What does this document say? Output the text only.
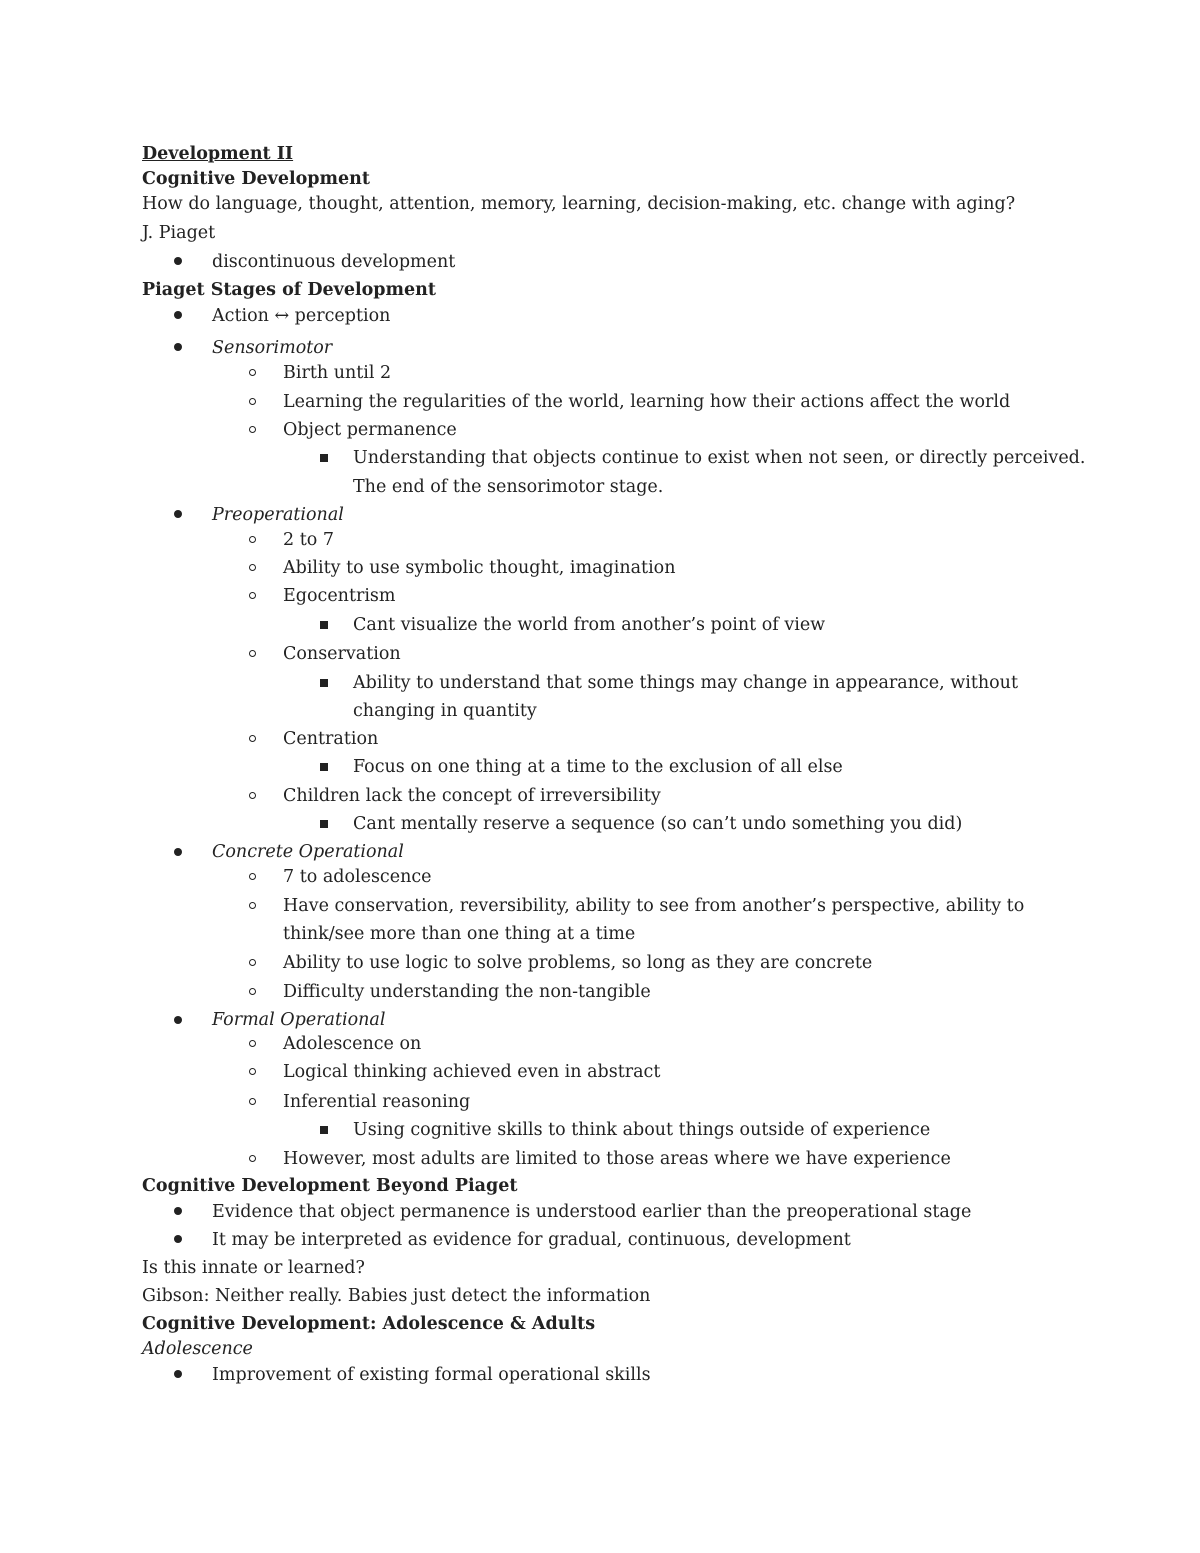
Development II
Cognitive Development
How do language, thought, attention, memory, learning, decision-making, etc. change with aging?
J. Piaget
discontinuous development
Piaget Stages of Development
Action ↔ perception
Sensorimotor
Birth until 2
Learning the regularities of the world, learning how their actions affect the world
Object permanence
Understanding that objects continue to exist when not seen, or directly perceived.
The end of the sensorimotor stage.
Preoperational
2 to 7
Ability to use symbolic thought, imagination
Egocentrism
Cant visualize the world from another’s point of view
Conservation
Ability to understand that some things may change in appearance, without
changing in quantity
Centration
Focus on one thing at a time to the exclusion of all else
Children lack the concept of irreversibility
Cant mentally reserve a sequence (so can’t undo something you did)
Concrete Operational
7 to adolescence
Have conservation, reversibility, ability to see from another’s perspective, ability to
think/see more than one thing at a time
Ability to use logic to solve problems, so long as they are concrete
Difficulty understanding the non-tangible
Formal Operational
Adolescence on
Logical thinking achieved even in abstract
Inferential reasoning
Using cognitive skills to think about things outside of experience
However, most adults are limited to those areas where we have experience
Cognitive Development Beyond Piaget
Evidence that object permanence is understood earlier than the preoperational stage
It may be interpreted as evidence for gradual, continuous, development
Is this innate or learned?
Gibson: Neither really. Babies just detect the information
Cognitive Development: Adolescence & Adults
Adolescence
Improvement of existing formal operational skills
